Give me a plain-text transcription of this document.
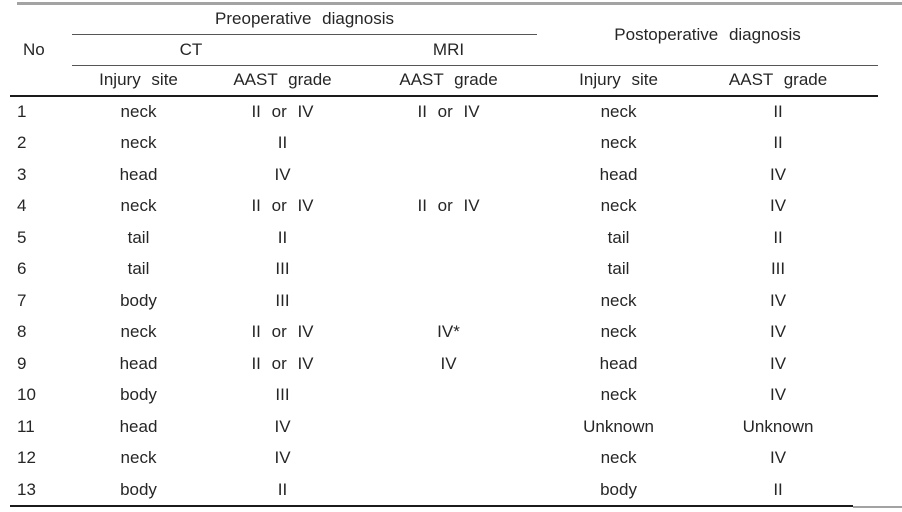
No	Preoperative diagnosis			Postoperative diagnosis	
	CT		MRI		
	Injury site	AAST grade	AAST grade	Injury site	AAST grade
1	neck	II or IV	II or IV	neck	II
2	neck	II		neck	II
3	head	IV		head	IV
4	neck	II or IV	II or IV	neck	IV
5	tail	II		tail	II
6	tail	III		tail	III
7	body	III		neck	IV
8	neck	II or IV	IV*	neck	IV
9	head	II or IV	IV	head	IV
10	body	III		neck	IV
11	head	IV		Unknown	Unknown
12	neck	IV		neck	IV
13	body	II		body	II
